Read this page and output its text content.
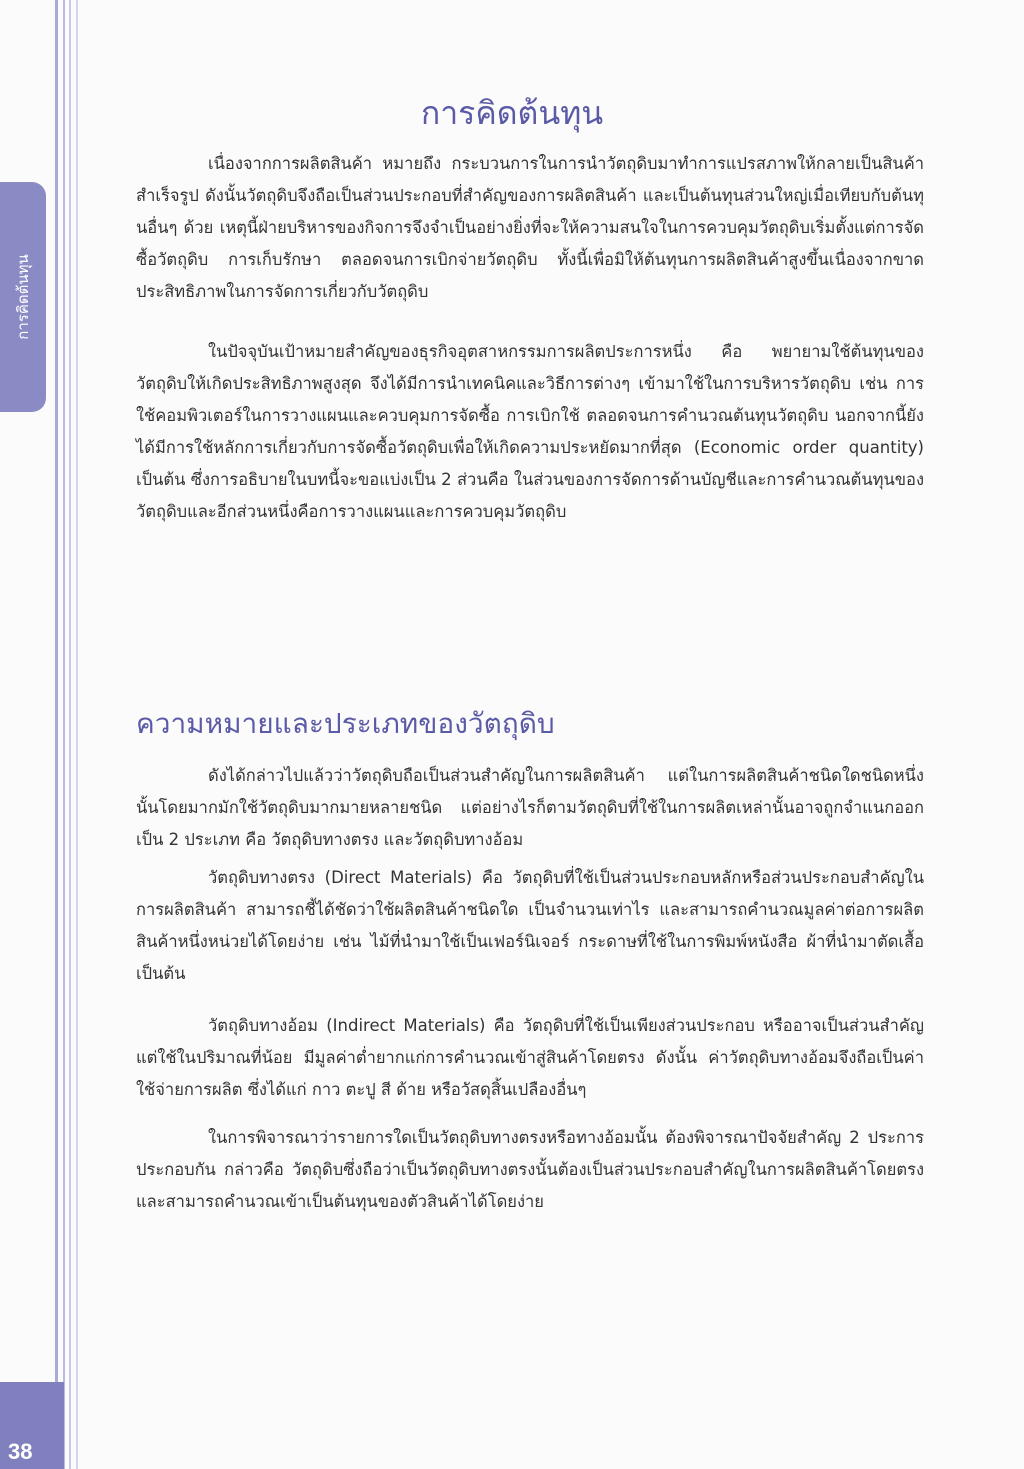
การคิดต้นทุน
38
การคิดต้นทุน

เนื่องจากการผลิตสินค้า หมายถึง กระบวนการในการนำวัตถุดิบมาทำการแปรสภาพให้กลายเป็นสินค้าสำเร็จรูป ดังนั้นวัตถุดิบจึงถือเป็นส่วนประกอบที่สำคัญของการผลิตสินค้า และเป็นต้นทุนส่วนใหญ่เมื่อเทียบกับต้นทุนอื่นๆ ด้วย เหตุนี้ฝ่ายบริหารของกิจการจึงจำเป็นอย่างยิ่งที่จะให้ความสนใจในการควบคุมวัตถุดิบเริ่มตั้งแต่การจัดซื้อวัตถุดิบ การเก็บรักษา ตลอดจนการเบิกจ่ายวัตถุดิบ ทั้งนี้เพื่อมิให้ต้นทุนการผลิตสินค้าสูงขึ้นเนื่องจากขาดประสิทธิภาพในการจัดการเกี่ยวกับวัตถุดิบ

ในปัจจุบันเป้าหมายสำคัญของธุรกิจอุตสาหกรรมการผลิตประการหนึ่ง คือ พยายามใช้ต้นทุนของวัตถุดิบให้เกิดประสิทธิภาพสูงสุด จึงได้มีการนำเทคนิคและวิธีการต่างๆ เข้ามาใช้ในการบริหารวัตถุดิบ เช่น การใช้คอมพิวเตอร์ในการวางแผนและควบคุมการจัดซื้อ การเบิกใช้ ตลอดจนการคำนวณต้นทุนวัตถุดิบ นอกจากนี้ยังได้มีการใช้หลักการเกี่ยวกับการจัดซื้อวัตถุดิบเพื่อให้เกิดความประหยัดมากที่สุด (Economic order quantity) เป็นต้น ซึ่งการอธิบายในบทนี้จะขอแบ่งเป็น 2 ส่วนคือ ในส่วนของการจัดการด้านบัญชีและการคำนวณต้นทุนของวัตถุดิบและอีกส่วนหนึ่งคือการวางแผนและการควบคุมวัตถุดิบ

ความหมายและประเภทของวัตถุดิบ

ดังได้กล่าวไปแล้วว่าวัตถุดิบถือเป็นส่วนสำคัญในการผลิตสินค้า แต่ในการผลิตสินค้าชนิดใดชนิดหนึ่งนั้นโดยมากมักใช้วัตถุดิบมากมายหลายชนิด แต่อย่างไรก็ตามวัตถุดิบที่ใช้ในการผลิตเหล่านั้นอาจถูกจำแนกออกเป็น 2 ประเภท คือ วัตถุดิบทางตรง และวัตถุดิบทางอ้อม

วัตถุดิบทางตรง (Direct Materials) คือ วัตถุดิบที่ใช้เป็นส่วนประกอบหลักหรือส่วนประกอบสำคัญในการผลิตสินค้า สามารถชี้ได้ชัดว่าใช้ผลิตสินค้าชนิดใด เป็นจำนวนเท่าไร และสามารถคำนวณมูลค่าต่อการผลิตสินค้าหนึ่งหน่วยได้โดยง่าย เช่น ไม้ที่นำมาใช้เป็นเฟอร์นิเจอร์ กระดาษที่ใช้ในการพิมพ์หนังสือ ผ้าที่นำมาตัดเสื้อ เป็นต้น

วัตถุดิบทางอ้อม (Indirect Materials) คือ วัตถุดิบที่ใช้เป็นเพียงส่วนประกอบ หรืออาจเป็นส่วนสำคัญแต่ใช้ในปริมาณที่น้อย มีมูลค่าต่ำยากแก่การคำนวณเข้าสู่สินค้าโดยตรง ดังนั้น ค่าวัตถุดิบทางอ้อมจึงถือเป็นค่าใช้จ่ายการผลิต ซึ่งได้แก่ กาว ตะปู สี ด้าย หรือวัสดุสิ้นเปลืองอื่นๆ

ในการพิจารณาว่ารายการใดเป็นวัตถุดิบทางตรงหรือทางอ้อมนั้น ต้องพิจารณาปัจจัยสำคัญ 2 ประการประกอบกัน กล่าวคือ วัตถุดิบซึ่งถือว่าเป็นวัตถุดิบทางตรงนั้นต้องเป็นส่วนประกอบสำคัญในการผลิตสินค้าโดยตรงและสามารถคำนวณเข้าเป็นต้นทุนของตัวสินค้าได้โดยง่าย
